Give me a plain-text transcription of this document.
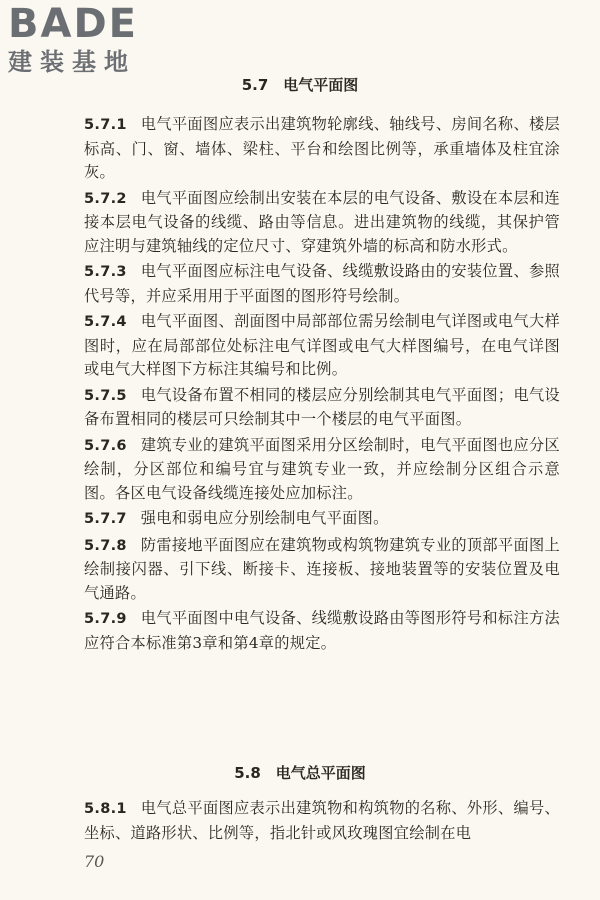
BADE
建装基地
5.7　电气平面图

5.7.1 电气平面图应表示出建筑物轮廓线、轴线号、房间名称、楼层标高、门、窗、墙体、梁柱、平台和绘图比例等，承重墙体及柱宜涂灰。

5.7.2 电气平面图应绘制出安装在本层的电气设备、敷设在本层和连接本层电气设备的线缆、路由等信息。进出建筑物的线缆，其保护管应注明与建筑轴线的定位尺寸、穿建筑外墙的标高和防水形式。

5.7.3 电气平面图应标注电气设备、线缆敷设路由的安装位置、参照代号等，并应采用用于平面图的图形符号绘制。

5.7.4 电气平面图、剖面图中局部部位需另绘制电气详图或电气大样图时，应在局部部位处标注电气详图或电气大样图编号，在电气详图或电气大样图下方标注其编号和比例。

5.7.5 电气设备布置不相同的楼层应分别绘制其电气平面图；电气设备布置相同的楼层可只绘制其中一个楼层的电气平面图。

5.7.6 建筑专业的建筑平面图采用分区绘制时，电气平面图也应分区绘制，分区部位和编号宜与建筑专业一致，并应绘制分区组合示意图。各区电气设备线缆连接处应加标注。

5.7.7 强电和弱电应分别绘制电气平面图。

5.7.8 防雷接地平面图应在建筑物或构筑物建筑专业的顶部平面图上绘制接闪器、引下线、断接卡、连接板、接地装置等的安装位置及电气通路。

5.7.9 电气平面图中电气设备、线缆敷设路由等图形符号和标注方法应符合本标准第3章和第4章的规定。

5.8　电气总平面图

5.8.1 电气总平面图应表示出建筑物和构筑物的名称、外形、编号、坐标、道路形状、比例等，指北针或风玫瑰图宜绘制在电

70
